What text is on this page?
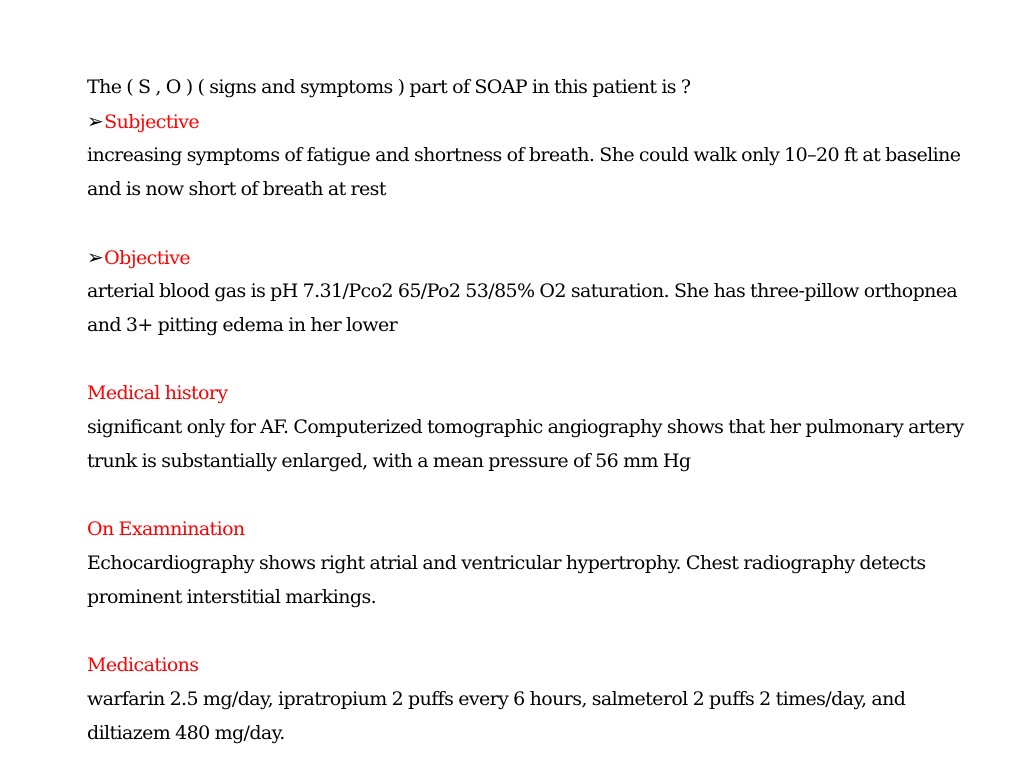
The ( S , O ) ( signs and symptoms ) part of SOAP in this patient is ?
➢Subjective
increasing symptoms of fatigue and shortness of breath. She could walk only 10–20 ft at baseline and is now short of breath at rest
➢Objective
arterial blood gas is pH 7.31/Pco2 65/Po2 53/85% O2 saturation. She has three-pillow orthopnea and 3+ pitting edema in her lower
Medical history
significant only for AF. Computerized tomographic angiography shows that her pulmonary artery trunk is substantially enlarged, with a mean pressure of 56 mm Hg
On Examnination
Echocardiography shows right atrial and ventricular hypertrophy. Chest radiography detects prominent interstitial markings.
Medications
warfarin 2.5 mg/day, ipratropium 2 puffs every 6 hours, salmeterol 2 puffs 2 times/day, and diltiazem 480 mg/day.
